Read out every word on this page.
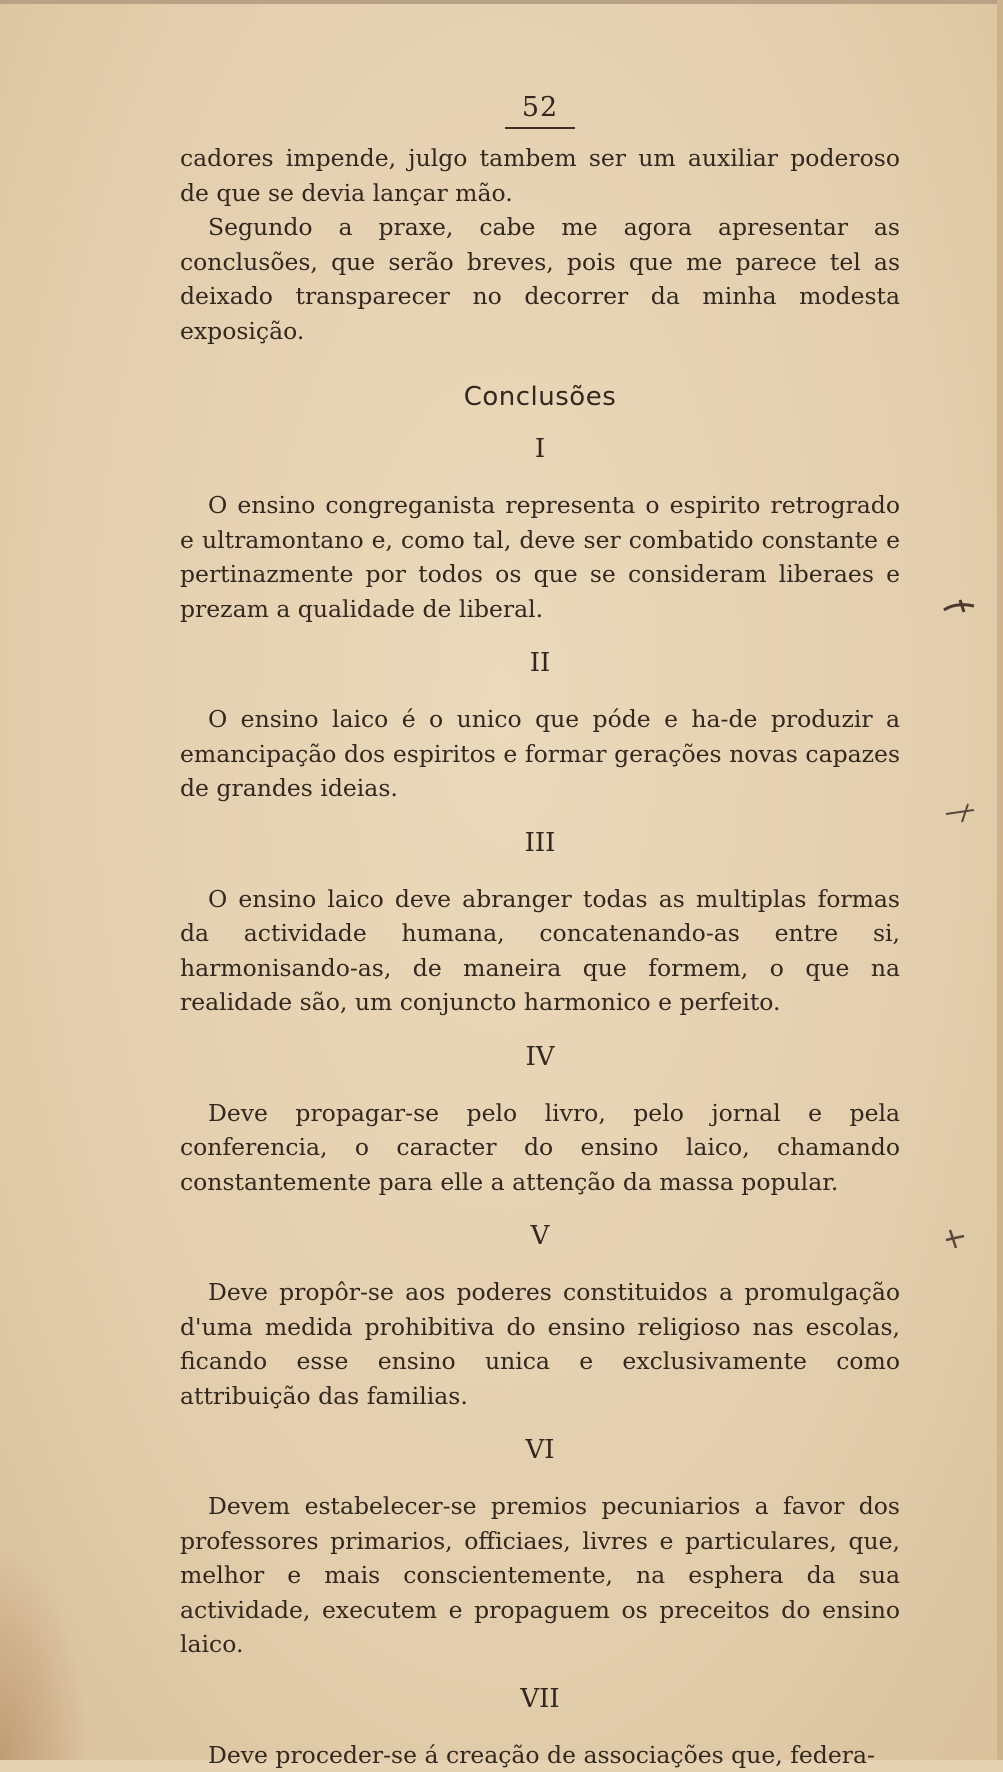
52

cadores impende, julgo tambem ser um auxiliar poderoso de que se devia lançar mão.

Segundo a praxe, cabe me agora apresentar as conclusões, que serão breves, pois que me parece tel as deixado transparecer no decorrer da minha modesta exposição.

Conclusões
I

O ensino congreganista representa o espirito retrogrado e ultramontano e, como tal, deve ser combatido constante e pertinazmente por todos os que se consideram liberaes e prezam a qualidade de liberal.

II

O ensino laico é o unico que póde e ha-de produzir a emancipação dos espiritos e formar gerações novas capazes de grandes ideias.

III

O ensino laico deve abranger todas as multiplas formas da actividade humana, concatenando-as entre si, harmonisando-as, de maneira que formem, o que na realidade são, um conjuncto harmonico e perfeito.

IV

Deve propagar-se pelo livro, pelo jornal e pela conferencia, o caracter do ensino laico, chamando constantemente para elle a attenção da massa popular.

V

Deve propôr-se aos poderes constituidos a promulgação d'uma medida prohibitiva do ensino religioso nas escolas, ficando esse ensino unica e exclusivamente como attribuição das familias.

VI

Devem estabelecer-se premios pecuniarios a favor dos professores primarios, officiaes, livres e particulares, que, melhor e mais conscientemente, na esphera da sua actividade, executem e propaguem os preceitos do ensino laico.

VII

Deve proceder-se á creação de associações que, federa-
